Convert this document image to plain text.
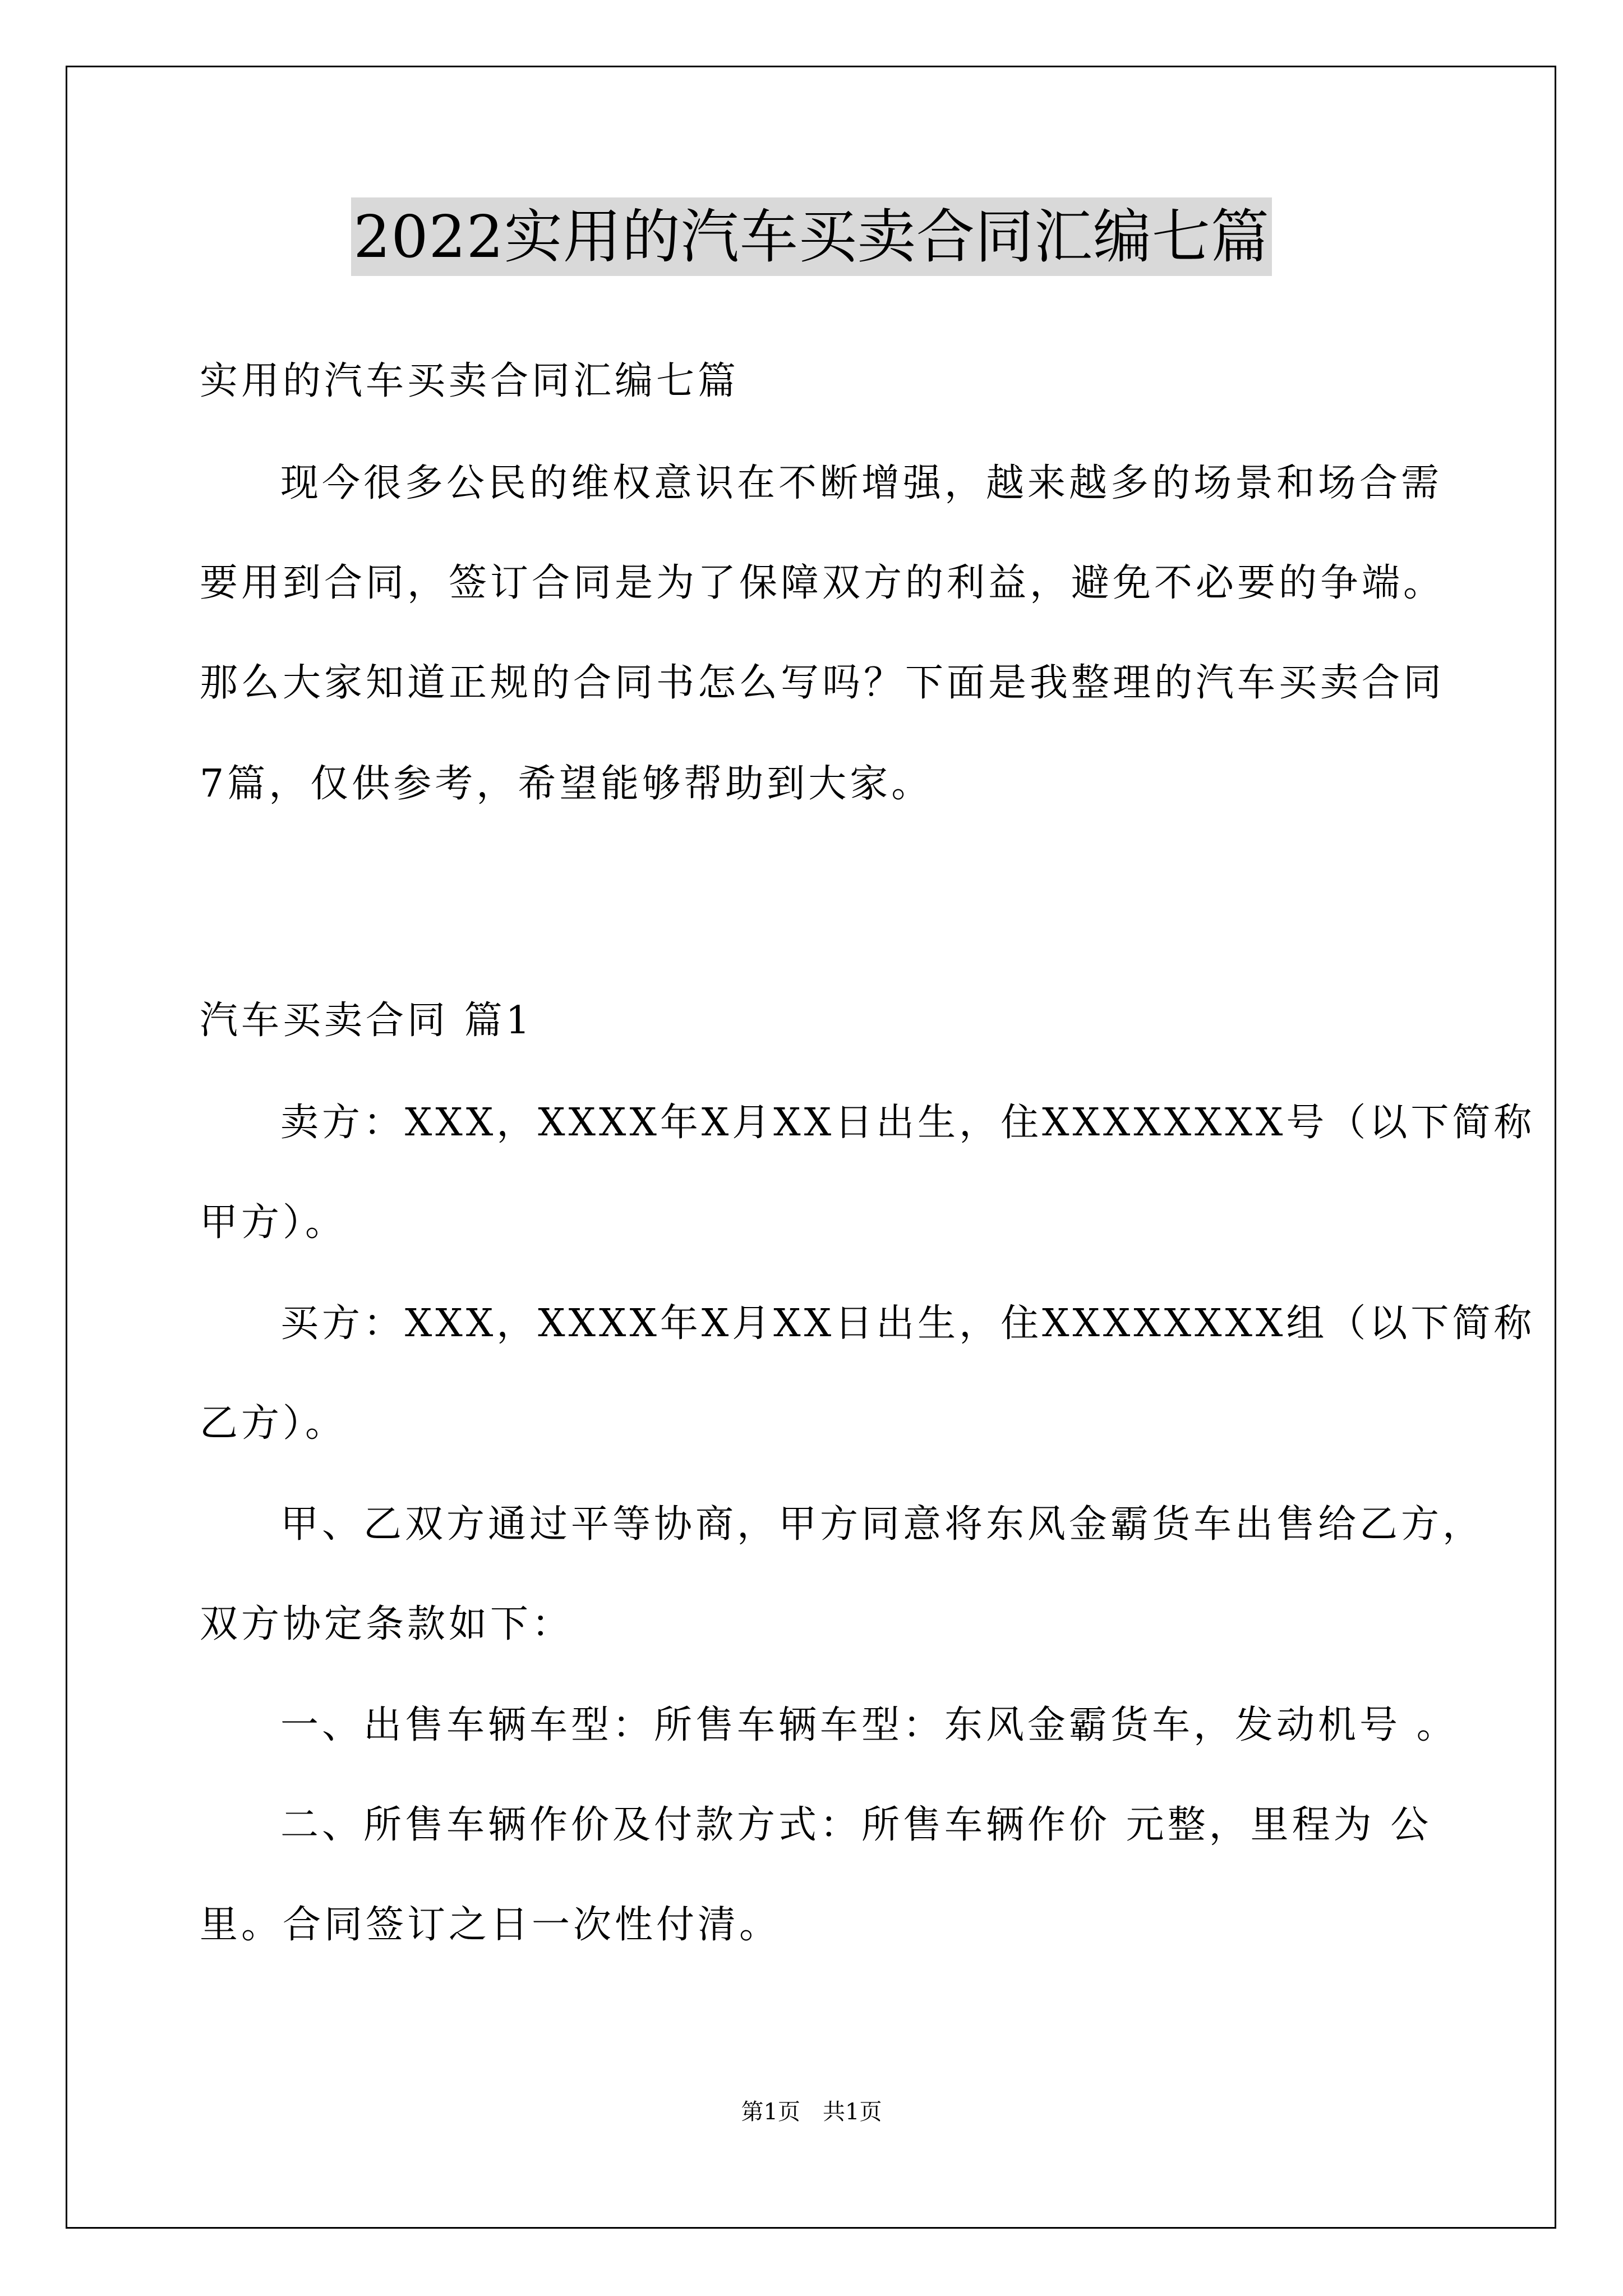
2022实用的汽车买卖合同汇编七篇
实用的汽车买卖合同汇编七篇
现今很多公民的维权意识在不断增强，越来越多的场景和场合需
要用到合同，签订合同是为了保障双方的利益，避免不必要的争端。
那么大家知道正规的合同书怎么写吗？下面是我整理的汽车买卖合同
7篇，仅供参考，希望能够帮助到大家。
汽车买卖合同 篇1
卖方：XXX，XXXX年X月XX日出生，住XXXXXXXX号（以下简称
甲方）。
买方：XXX，XXXX年X月XX日出生，住XXXXXXXX组（以下简称
乙方）。
甲、乙双方通过平等协商，甲方同意将东风金霸货车出售给乙方，
双方协定条款如下：
一、出售车辆车型：所售车辆车型：东风金霸货车，发动机号 。
二、所售车辆作价及付款方式：所售车辆作价 元整，里程为 公
里。合同签订之日一次性付清。
第1页　共1页
